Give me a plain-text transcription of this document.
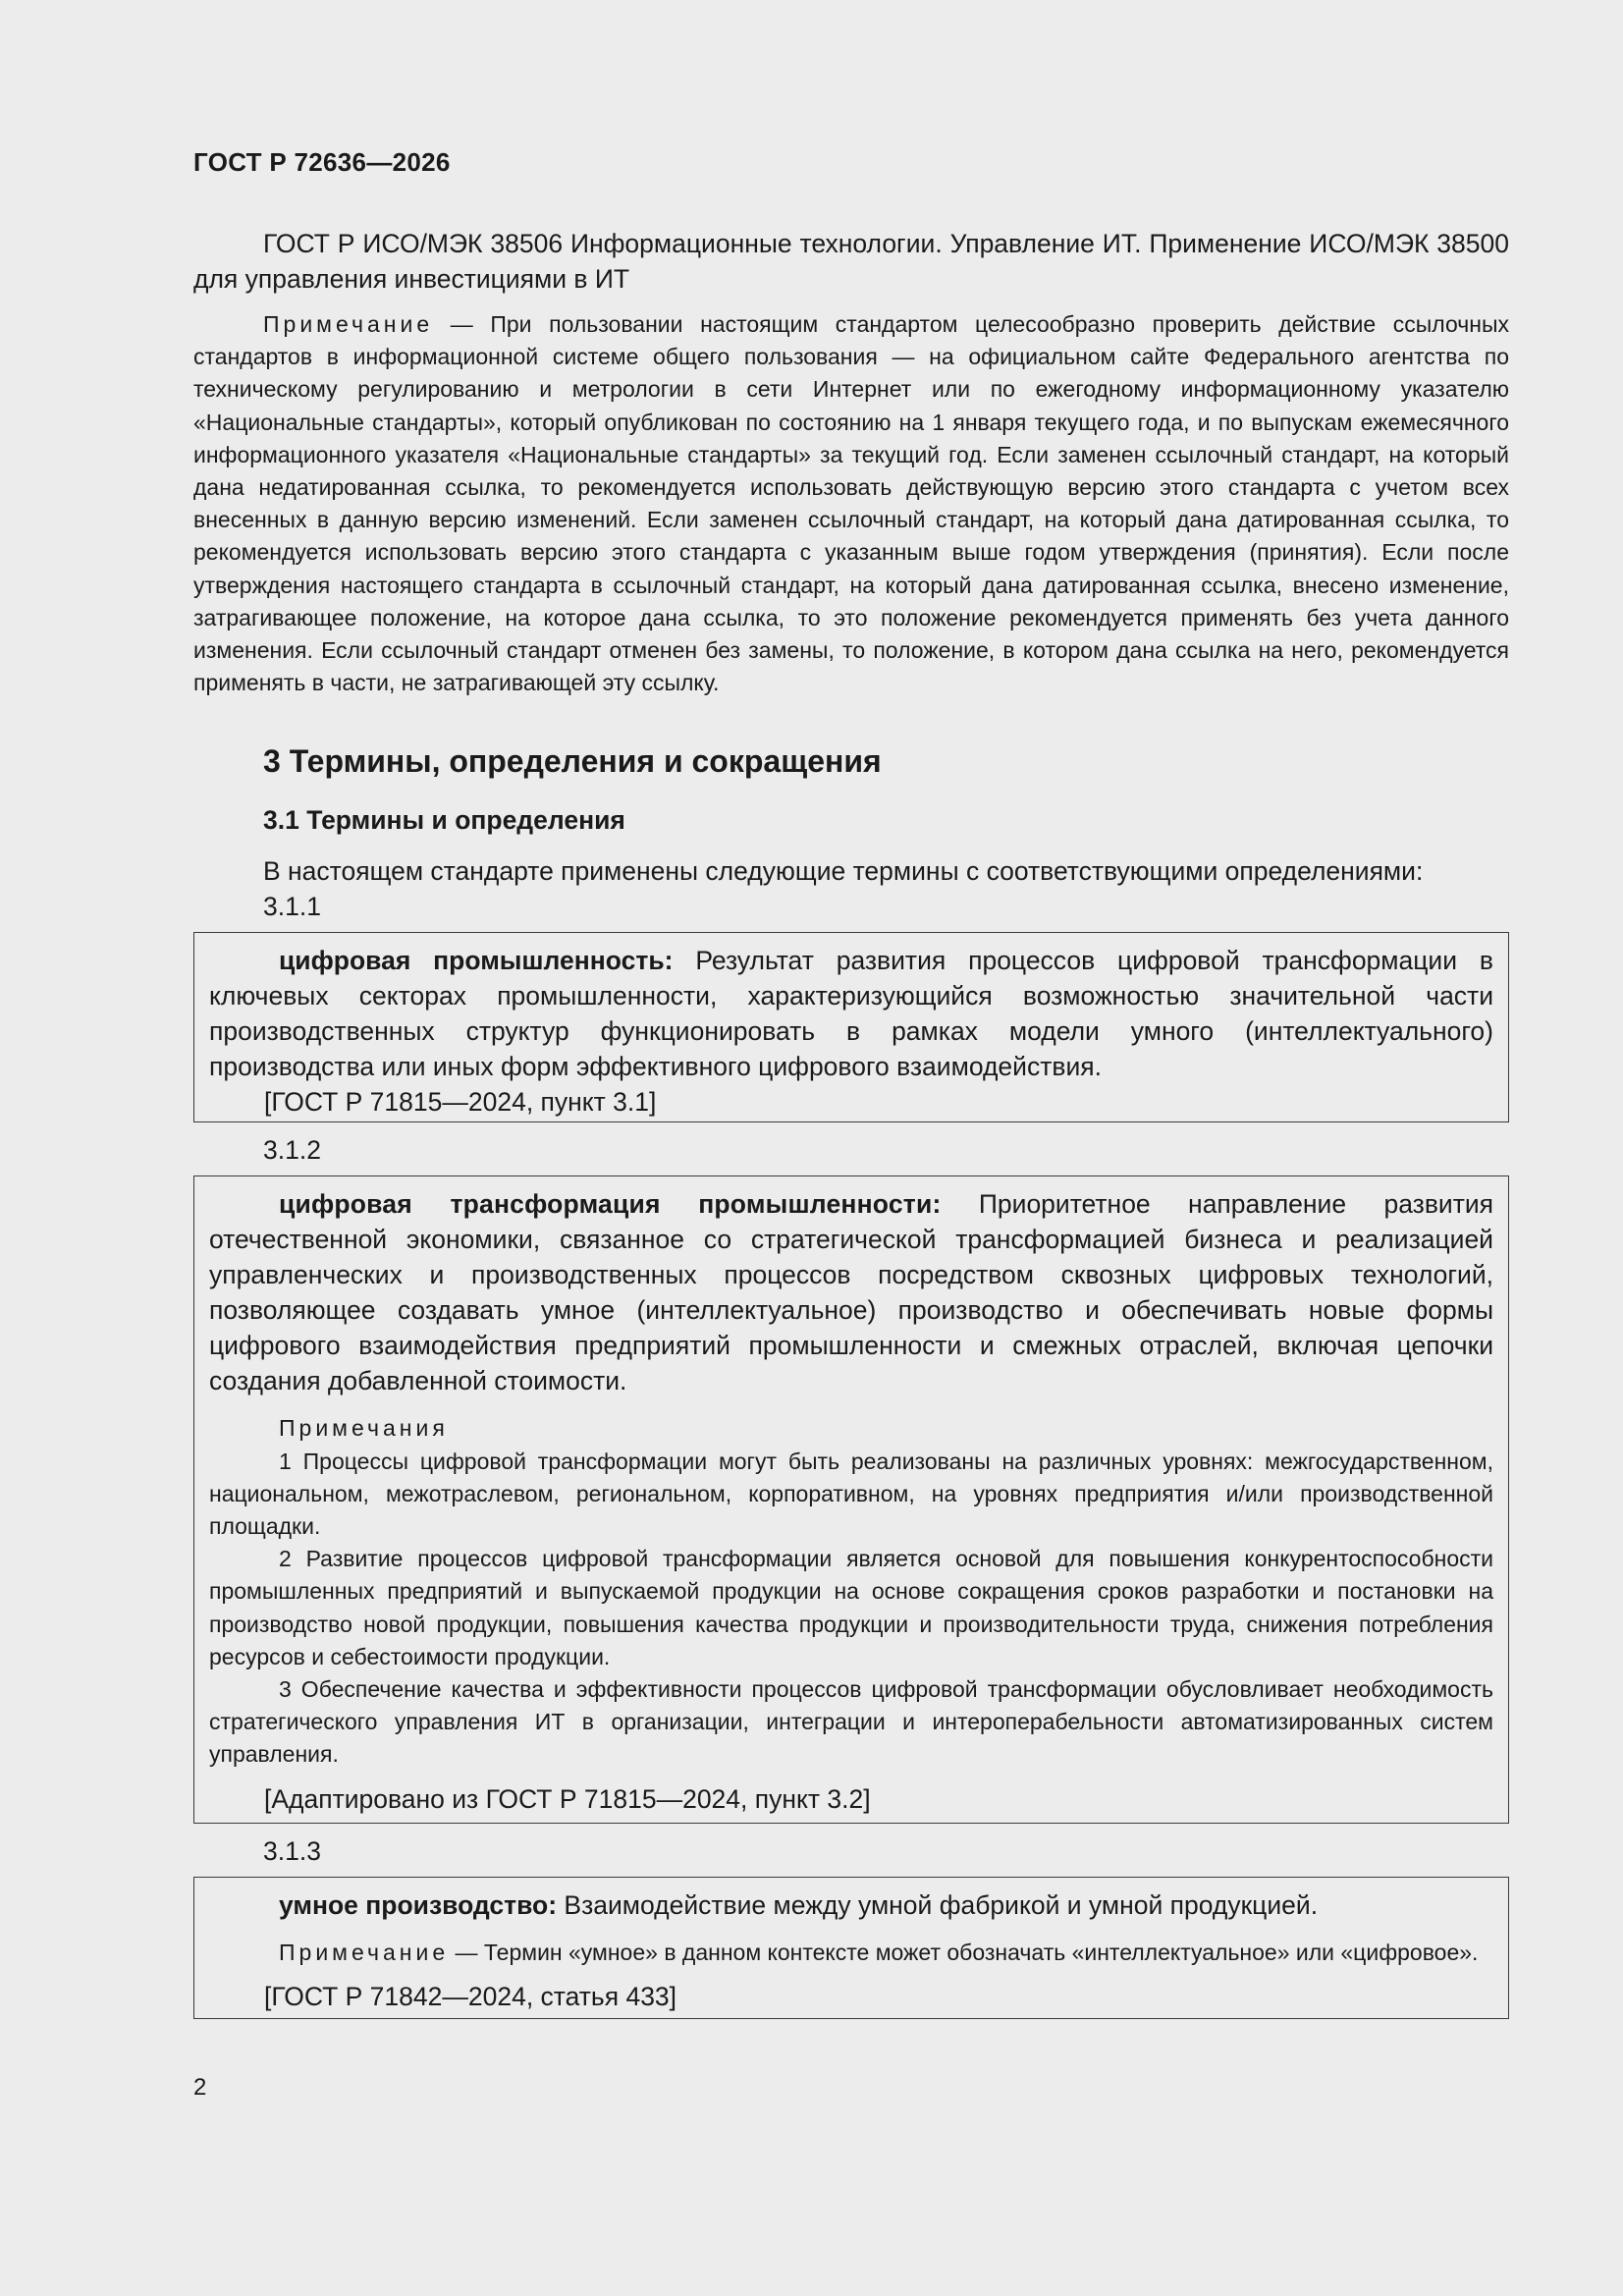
ГОСТ Р 72636—2026

ГОСТ Р ИСО/МЭК 38506 Информационные технологии. Управление ИТ. Применение ИСО/МЭК 38500 для управления инвестициями в ИТ

Примечание — При пользовании настоящим стандартом целесообразно проверить действие ссылочных стандартов в информационной системе общего пользования — на официальном сайте Федерального агентства по техническому регулированию и метрологии в сети Интернет или по ежегодному информационному указателю «Национальные стандарты», который опубликован по состоянию на 1 января текущего года, и по выпускам ежемесячного информационного указателя «Национальные стандарты» за текущий год. Если заменен ссылочный стандарт, на который дана недатированная ссылка, то рекомендуется использовать действующую версию этого стандарта с учетом всех внесенных в данную версию изменений. Если заменен ссылочный стандарт, на который дана датированная ссылка, то рекомендуется использовать версию этого стандарта с указанным выше годом утверждения (принятия). Если после утверждения настоящего стандарта в ссылочный стандарт, на который дана датированная ссылка, внесено изменение, затрагивающее положение, на которое дана ссылка, то это положение рекомендуется применять без учета данного изменения. Если ссылочный стандарт отменен без замены, то положение, в котором дана ссылка на него, рекомендуется применять в части, не затрагивающей эту ссылку.

3 Термины, определения и сокращения
3.1 Термины и определения
В настоящем стандарте применены следующие термины с соответствующими определениями:
3.1.1

цифровая промышленность: Результат развития процессов цифровой трансформации в ключевых секторах промышленности, характеризующийся возможностью значительной части производственных структур функционировать в рамках модели умного (интеллектуального) производства или иных форм эффективного цифрового взаимодействия.

[ГОСТ Р 71815—2024, пункт 3.1]
3.1.2

цифровая трансформация промышленности: Приоритетное направление развития отечественной экономики, связанное со стратегической трансформацией бизнеса и реализацией управленческих и производственных процессов посредством сквозных цифровых технологий, позволяющее создавать умное (интеллектуальное) производство и обеспечивать новые формы цифрового взаимодействия предприятий промышленности и смежных отраслей, включая цепочки создания добавленной стоимости.

Примечания

1 Процессы цифровой трансформации могут быть реализованы на различных уровнях: межгосударственном, национальном, межотраслевом, региональном, корпоративном, на уровнях предприятия и/или производственной площадки.

2 Развитие процессов цифровой трансформации является основой для повышения конкурентоспособности промышленных предприятий и выпускаемой продукции на основе сокращения сроков разработки и постановки на производство новой продукции, повышения качества продукции и производительности труда, снижения потребления ресурсов и себестоимости продукции.

3 Обеспечение качества и эффективности процессов цифровой трансформации обусловливает необходимость стратегического управления ИТ в организации, интеграции и интероперабельности автоматизированных систем управления.

[Адаптировано из ГОСТ Р 71815—2024, пункт 3.2]
3.1.3

умное производство: Взаимодействие между умной фабрикой и умной продукцией.

Примечание — Термин «умное» в данном контексте может обозначать «интеллектуальное» или «цифровое».

[ГОСТ Р 71842—2024, статья 433]
2
